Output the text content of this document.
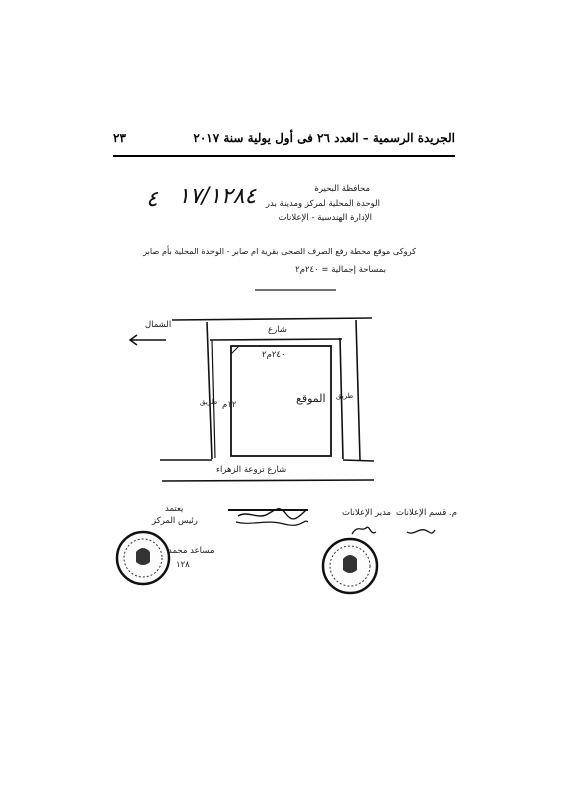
الجريدة الرسمية – العدد ٢٦ فى أول يولية سنة ٢٠١٧
٢٣
محافظة البحيرة
الوحدة المحلية لمركز ومدينة بدر
الإدارة الهندسية - الإعلانات
١٧/١٢٨٤
٤
كروكى موقع محطة رفع الصرف الصحى بقرية ام صابر - الوحدة المحلية بأم صابر
بمساحة إجمالية = ٢٤٠م٢
الشمال	شارع
٢٤٠م٢
الموقع
١٢م
طريق
طريق
شارع تروعة الزهراء
يعتمد
رئيس المركز
مساعد محمد
١٢٨
مدير الإعلانات م. قسم الإعلانات
